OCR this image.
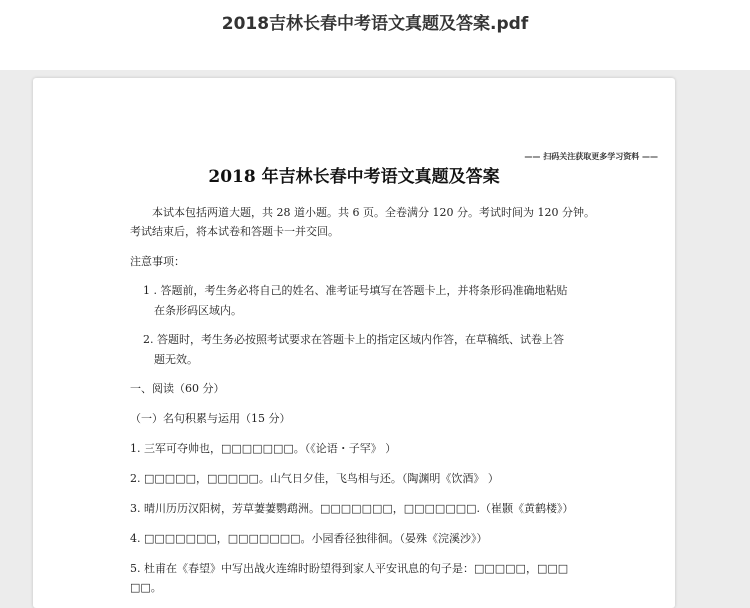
2018吉林长春中考语文真题及答案.pdf
—— 扫码关注获取更多学习资料 ——
2018 年吉林长春中考语文真题及答案
本试本包括两道大题，共 28 道小题。共 6 页。全卷满分 120 分。考试时间为 120 分钟。
考试结束后，将本试卷和答题卡一并交回。
注意事项：
1 . 答题前，考生务必将自己的姓名、准考证号填写在答题卡上，并将条形码准确地粘贴
在条形码区域内。
2. 答题时，考生务必按照考试要求在答题卡上的指定区域内作答，在草稿纸、试卷上答
题无效。
一、阅读（60 分）
（一）名句积累与运用（15 分）
1. 三军可夺帅也，□□□□□□□。（《论语・子罕》 ）
2. □□□□□，□□□□□。山气日夕佳，飞鸟相与还。（陶渊明《饮酒》 ）
3. 晴川历历汉阳树，芳草萋萋鹦鹉洲。□□□□□□□，□□□□□□□.（崔颢《黄鹤楼》）
4. □□□□□□□，□□□□□□□。小园香径独徘徊。（晏殊《浣溪沙》）
5. 杜甫在《春望》中写出战火连绵时盼望得到家人平安讯息的句子是：□□□□□，□□□
□□。
